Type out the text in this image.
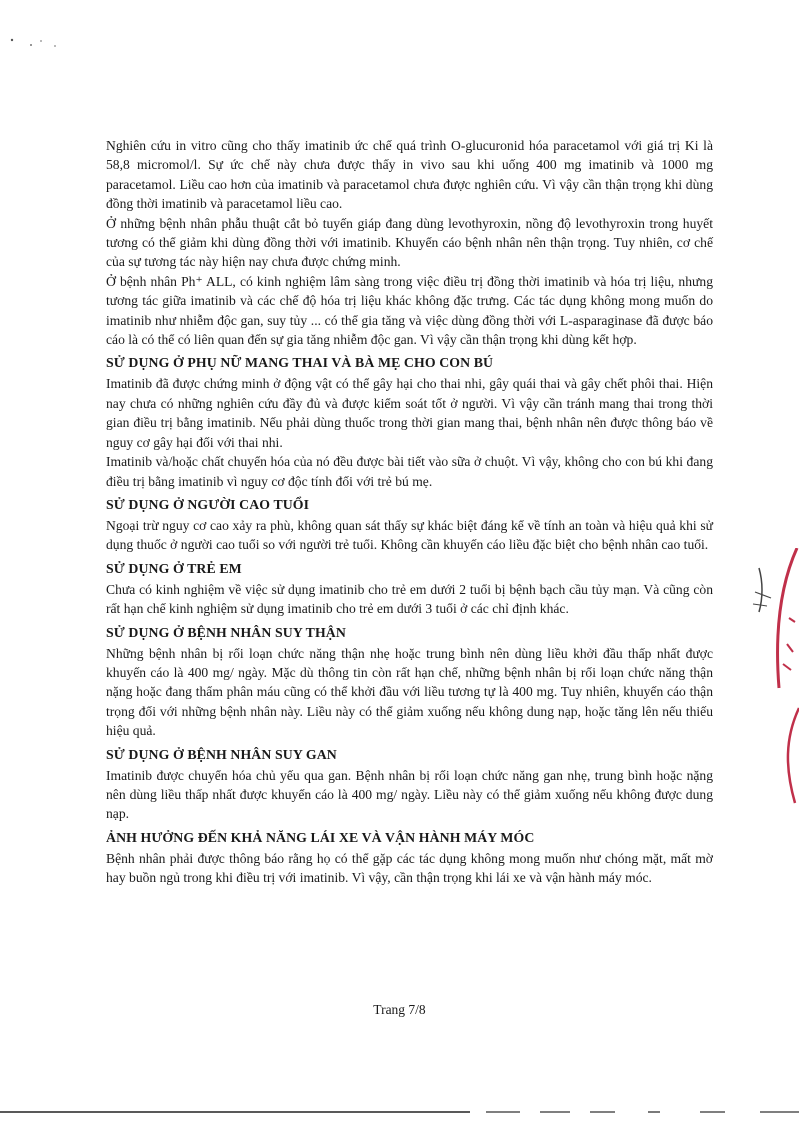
Nghiên cứu in vitro cũng cho thấy imatinib ức chế quá trình O-glucuronid hóa paracetamol với giá trị Ki là 58,8 micromol/l. Sự ức chế này chưa được thấy in vivo sau khi uống 400 mg imatinib và 1000 mg paracetamol. Liều cao hơn của imatinib và paracetamol chưa được nghiên cứu. Vì vậy cần thận trọng khi dùng đồng thời imatinib và paracetamol liều cao.

Ở những bệnh nhân phẫu thuật cắt bỏ tuyến giáp đang dùng levothyroxin, nồng độ levothyroxin trong huyết tương có thể giảm khi dùng đồng thời với imatinib. Khuyến cáo bệnh nhân nên thận trọng. Tuy nhiên, cơ chế của sự tương tác này hiện nay chưa được chứng minh.

Ở bệnh nhân Ph⁺ ALL, có kinh nghiệm lâm sàng trong việc điều trị đồng thời imatinib và hóa trị liệu, nhưng tương tác giữa imatinib và các chế độ hóa trị liệu khác không đặc trưng. Các tác dụng không mong muốn do imatinib như nhiễm độc gan, suy tủy ... có thể gia tăng và việc dùng đồng thời với L-asparaginase đã được báo cáo là có thể có liên quan đến sự gia tăng nhiễm độc gan. Vì vậy cần thận trọng khi dùng kết hợp.

SỬ DỤNG Ở PHỤ NỮ MANG THAI VÀ BÀ MẸ CHO CON BÚ

Imatinib đã được chứng minh ở động vật có thể gây hại cho thai nhi, gây quái thai và gây chết phôi thai. Hiện nay chưa có những nghiên cứu đầy đủ và được kiểm soát tốt ở người. Vì vậy cần tránh mang thai trong thời gian điều trị bằng imatinib. Nếu phải dùng thuốc trong thời gian mang thai, bệnh nhân nên được thông báo về nguy cơ gây hại đối với thai nhi.

Imatinib và/hoặc chất chuyển hóa của nó đều được bài tiết vào sữa ở chuột. Vì vậy, không cho con bú khi đang điều trị bằng imatinib vì nguy cơ độc tính đối với trẻ bú mẹ.

SỬ DỤNG Ở NGƯỜI CAO TUỔI

Ngoại trừ nguy cơ cao xảy ra phù, không quan sát thấy sự khác biệt đáng kể về tính an toàn và hiệu quả khi sử dụng thuốc ở người cao tuổi so với người trẻ tuổi. Không cần khuyến cáo liều đặc biệt cho bệnh nhân cao tuổi.

SỬ DỤNG Ở TRẺ EM

Chưa có kinh nghiệm về việc sử dụng imatinib cho trẻ em dưới 2 tuổi bị bệnh bạch cầu tủy mạn. Và cũng còn rất hạn chế kinh nghiệm sử dụng imatinib cho trẻ em dưới 3 tuổi ở các chỉ định khác.

SỬ DỤNG Ở BỆNH NHÂN SUY THẬN

Những bệnh nhân bị rối loạn chức năng thận nhẹ hoặc trung bình nên dùng liều khởi đầu thấp nhất được khuyến cáo là 400 mg/ ngày. Mặc dù thông tin còn rất hạn chế, những bệnh nhân bị rối loạn chức năng thận nặng hoặc đang thẩm phân máu cũng có thể khởi đầu với liều tương tự là 400 mg. Tuy nhiên, khuyến cáo thận trọng đối với những bệnh nhân này. Liều này có thể giảm xuống nếu không dung nạp, hoặc tăng lên nếu thiếu hiệu quả.

SỬ DỤNG Ở BỆNH NHÂN SUY GAN

Imatinib được chuyển hóa chủ yếu qua gan. Bệnh nhân bị rối loạn chức năng gan nhẹ, trung bình hoặc nặng nên dùng liều thấp nhất được khuyến cáo là 400 mg/ ngày. Liều này có thể giảm xuống nếu không được dung nạp.

ẢNH HƯỞNG ĐẾN KHẢ NĂNG LÁI XE VÀ VẬN HÀNH MÁY MÓC

Bệnh nhân phải được thông báo rằng họ có thể gặp các tác dụng không mong muốn như chóng mặt, mất mờ hay buồn ngủ trong khi điều trị với imatinib. Vì vậy, cần thận trọng khi lái xe và vận hành máy móc.

Trang 7/8
